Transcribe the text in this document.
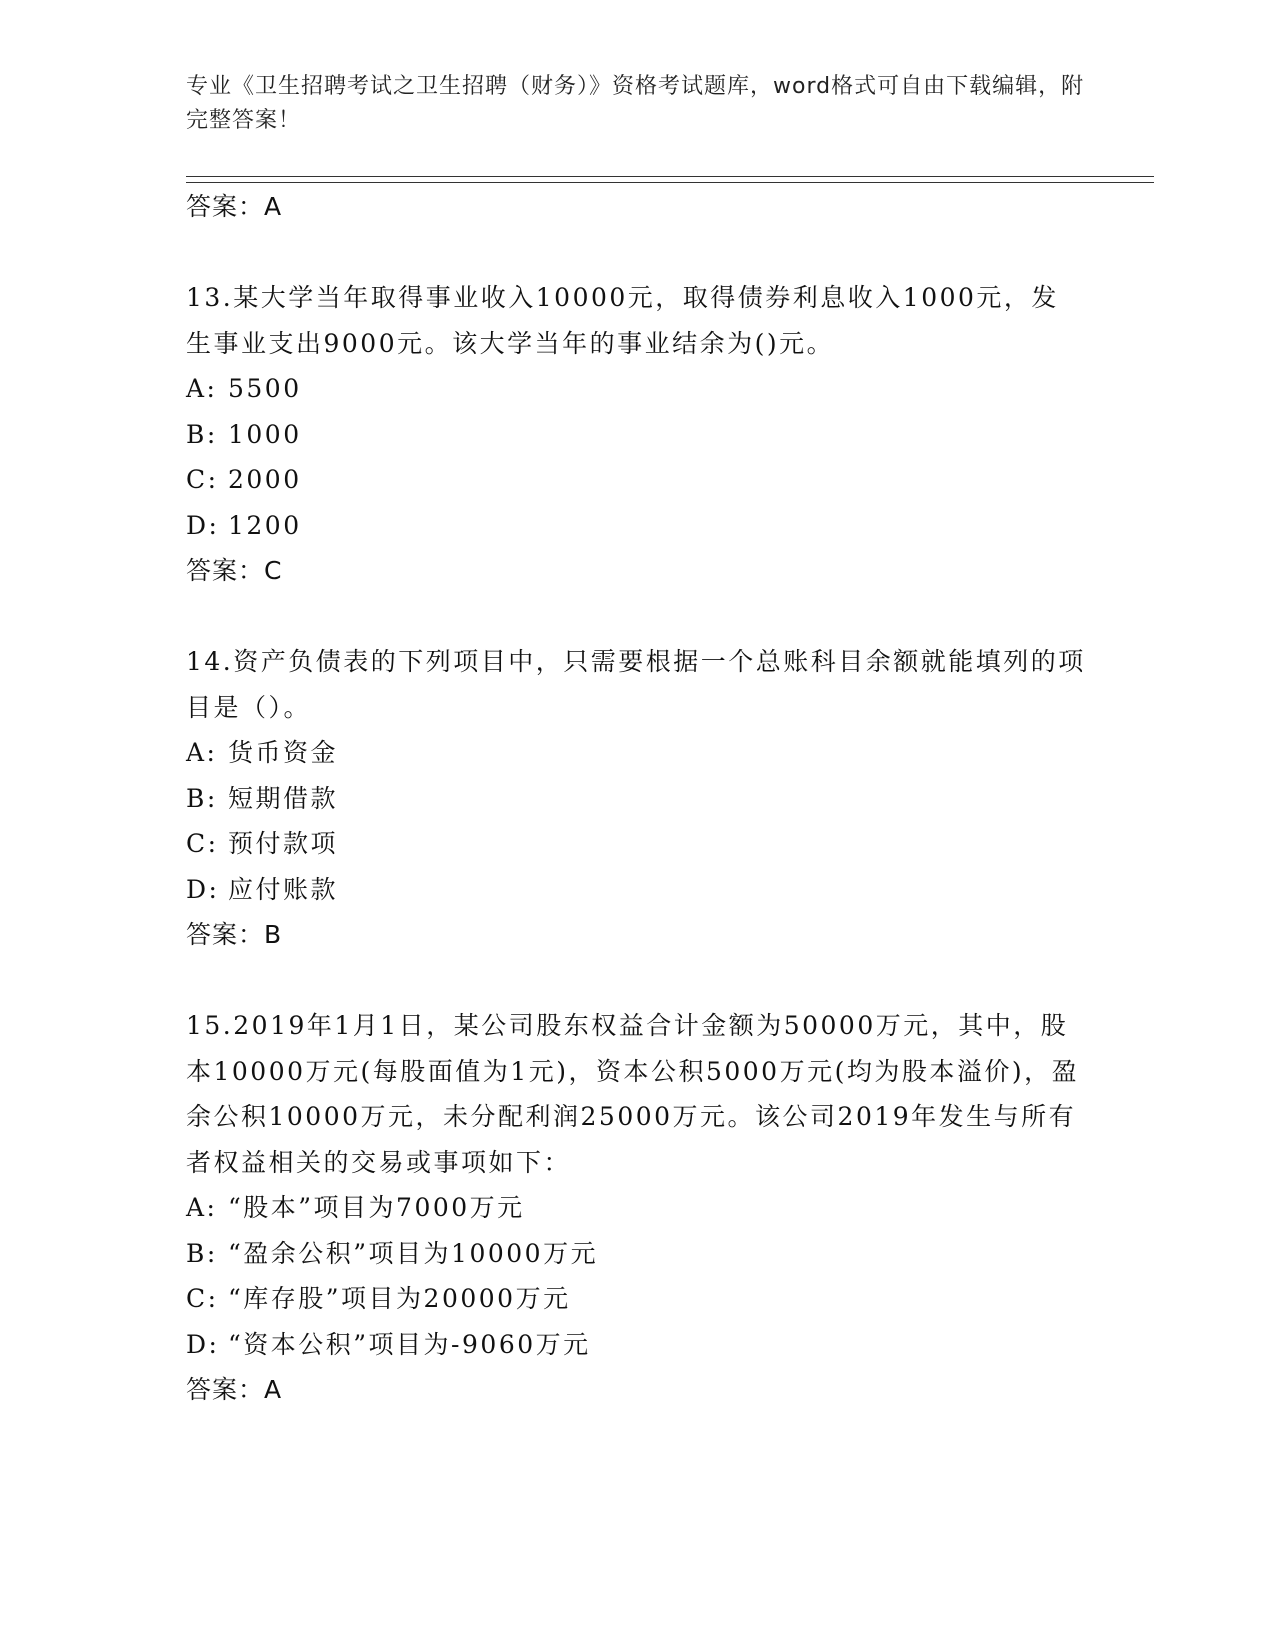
专业《卫生招聘考试之卫生招聘（财务）》资格考试题库，word格式可自由下载编辑，附完整答案！
答案：A
13.某大学当年取得事业收入10000元，取得债券利息收入1000元，发生事业支出9000元。该大学当年的事业结余为()元。
A: 5500
B: 1000
C: 2000
D: 1200
答案：C
14.资产负债表的下列项目中，只需要根据一个总账科目余额就能填列的项目是（）。
A: 货币资金
B: 短期借款
C: 预付款项
D: 应付账款
答案：B
15.2019年1月1日，某公司股东权益合计金额为50000万元，其中，股本10000万元(每股面值为1元)，资本公积5000万元(均为股本溢价)，盈余公积10000万元，未分配利润25000万元。该公司2019年发生与所有者权益相关的交易或事项如下：
A: “股本”项目为7000万元
B: “盈余公积”项目为10000万元
C: “库存股”项目为20000万元
D: “资本公积”项目为-9060万元
答案：A
